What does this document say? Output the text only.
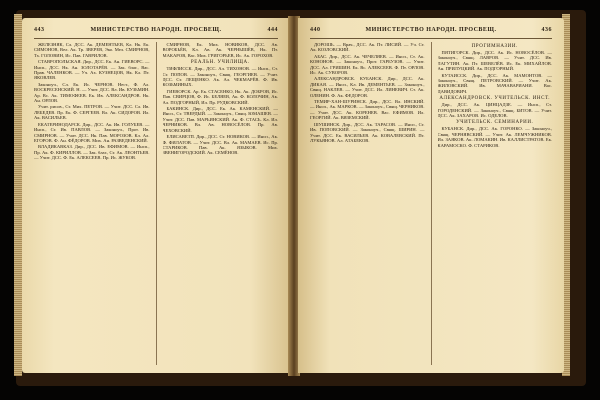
443	МИНИСТЕРСТВО НАРОДН. ПРОСВЕЩ.	444

ЖЕЛЕЗНЯК, Сл. ДСС. Ак. ДЕМЕНТЬЕВ, Кл. Нк. Ек. СИМОНОВ, Вел. Ак. Тр. ЗВЕРЕВ, Эко. Мел. СМИРНОВ, Тх. ГОЛОВИН, Ис. Пав. ГАВРИЛОВ.

СТАВРОПОЛЬСКАЯ. Дир., ДСС. Ек. Ан. ГИЕВОРС. — Инсп., ДСС. Нк. Ан. ЗОЛОТАРЁВ. — Зак. благ., Вас. Прав. ЧАЛЕНКОВ. — Уч. Ах. КУЗНЕЦОВ, Нк. Кл. Пт. ЯКОВЛЕВ.

Законоуч., Сл. Ек. Ис. ЧЕРНОВ. Нест., Ф. Ал. ВОСКРЕСЕНСКИЙ. Н. — Учит. ДСС. Вл. Ив. КУЗЬМИН. Ар. Вс. Ак. ТИМОФЕЕВ. Ек. Ив. АЛЕКСАНДРОВ. Нк. Ан. ОРЛОВ.

Учит. рисов., Ст. Мих. ПЕТРОВ. — Учит. ДСС. Сл. Ив. ЛЕБЕДЕВ. Пр. Ек. Ф. СЕРГЕЕВ. Вл. Ак. СИДОРОВ. Ил. Ак. ВАСИЛЬЕВ.

ЕКАТЕРИНОДАРСК. Дир., ДСС. Ак. Ив. ГОЛУБЕВ. — Инсп., Ст. Ив. ПАВЛОВ. — Законоуч., Прот. Ив. СМИРНОВ. — Учит. ДСС. Нк. Пав. МОРОЗОВ. Кл. Ал. ЕГОРОВ. Ф. Ан. ФЁДОРОВ. Мих. Ан. РАЗВЕДЕНСКИЙ.

ВЛАДИКАВКАЗ. Дир., ДСС. Ив. ЕФИМОВ. — Инсп., Пр. Ак. Ф. КИРИЛЛОВ. — Зак. благ., Ст. Ак. ЛЕОНТЬЕВ. — Учит. ДСС. Ф. Ек. АЛЕКСЕЕВ. Пр. Ис. ЖУКОВ.

СМИРНОВ, Ек. Мих. НОВИКОВ, ДСС. Ав. ВОРОБЬЁВ, Кл. Ав. Ак. ЧЕРНЫШЁВ, Нк. Пт. МАКАРОВ, Вас. Мих. ГРИГОРЬЕВ, Ис. Ак. ГОРОХОВ.

РЕАЛЬН. УЧИЛИЩА.

ТИФЛИССК. Дир., ДСС. Ал. ТИХОНОВ. — Инсп., Ст. Ст. ПОПОВ. — Законоуч., Свящ. ГЕОРГИЕВ. — Учит. ДСС. Ст. ЛЕЩЕНКО. Ак. Ал. ЧЕКМАРЁВ. Ф. Ив. КОЗЬМИНЫХ.

ГИЕВОРСК. Ар. Ек. СТАСЕНКО, Нк. Ак. ДОБРОВ, Ис. Пав. СВИРЦОВ, Ф. Ис. БЕЛЯЕВ, Ак. Ф. КОЛОЧИН, Ак. Ал. ПОДГОРНЫЙ, Ил. Пр. РУДКОВСКИЙ.

БАКИНСК. Дир., ДСС. Ек. Ак. КАМЕНСКИЙ. — Инсп., Ст. ТВЕРДЫЙ. — Законоуч., Свящ. ЮМАШЕВ. — Учит. ДСС. Пав. МАРЬИНСКИЙ. Ак. Ф. СТАСЬ. Кл. Ил. ЧЕРНИКОВ. Вл. Ав. НОВОСЁЛОВ. Пр. Ав. ЧЕХОВСКИЙ.

ЕЛИСАВЕТП. Дир., ДСС. Ст. НОВИКОВ. — Инсп., Ак. Ф. ФИЛАТОВ. — Учит. ДСС. Вл. Ак. МАМАЕВ. Ис. Пр. СТАРИКОВ. Пав. Ак. ЯЗЫКОВ. Мих. ЗВЕНИГОРОДСКИЙ. Ак. СЕМЁНОВ.

440	МИНИСТЕРСТВО НАРОДН. ПРОСВЕЩ.	436

ДОРОШЬ. — Врач., ДСС. Ак. Пт. ЛИСИЙ. — Уч. Ст. Ак. КОЗЛОВСКИЙ.

АБАС. Дир., ДСС. Ак. ЧЕЧЕЛЯЕВ. — Инсп., Ст. Ак. КОНОНОВ. — Законоуч., Прот. ГАРБУЗОВ. — Учит. ДСС. Ал. ГРИШИН. Ек. Вс. АЛЕКСЕЕВ. Ф. Пт. ОРЛОВ. Ис. Ак. СУВОРОВ.

АЛЕКСАНДРОВСК. КУБАНСК. Дир., ДСС. Ак. ДИКАЯ. — Инсп., Кл. Ив. ДЕМЕНТЬЕВ. — Законоуч., Свящ. НАКЛЕВ. — Учит. ДСС. Ил. ЛИНЕВИЧ. Ст. Ак. ОЛЕНИН. Ф. Ак. ФЕДОРОВ.

ТЕМИР-ХАН-ШУРИНСК. Дир., ДСС. Вл. ИНСКИЙ. — Инсп., Ак. МАРКОВ. — Законоуч., Свящ. ЧЕРНИКОВ. — Учит. ДСС. Ак. КОРЕНЕВ. Вас. ЕФИМОВ. Ил. ГЕОРГИЙ. Ак. ВЯЗЕМСКИЙ.

ШУШИНСК. Дир., ДСС. Ак. ТАРАСОВ. — Инсп., Ст. Ив. ПОПОВСКИЙ. — Законоуч., Свящ. ШИРИН. — Учит. ДСС. Ек. ВАСИЛЬЕВ. Ак. КОВАЛЕВСКИЙ. Пт. ЛУКЬЯНОВ. Ал. АТАБЕКОВ.

ПРОГИМНАЗИИ.

ПЯТИГОРСК. Дир., ДСС. Ак. Ис. НОВОСЁЛОВ. — Законоуч., Свящ. ЛАВРОВ. — Учит. ДСС. Ив. ЛАГУТИН. Ак. Пт. ШЕВЕЛЁВ. Ис. Ек. МИХАЙЛОВ. Ан. ПРИЛУЦКИЙ. Ак. ПОДГОРНЫЙ.

КУТАИССК. Дир., ДСС. Ак. МАМОНТОВ. — Законоуч., Свящ. ПЕТРОВСКИЙ. — Учит. Ак. ЖИЛОВСКИЙ. Ив. МАЧАВАРИАНИ. Вас. ДАВИДОВИЧ.

АЛЕКСАНДРОВСК. УЧИТЕЛЬСК. ИНСТ.

Дир., ДСС. Ак. ЦИНЦАДЗЕ. — Инсп., Ст. ГОРОДЕНСКИЙ. — Законоуч., Свящ. БИТОВ. — Учит. ДСС. Ак. ЗАХАРОВ. Ис. ОДЕЛОВ.

УЧИТЕЛЬСК. СЕМИНАРИИ.

КУБАНСК. Дир., ДСС. Ак. ГОРОНКО. — Законоуч., Свящ. ЧЕРНЯВСКИЙ. — Учит. Ак. ЛЕМЧУЖНИКОВ. Ил. ЗАЯКОВ. Ак. ЛОМАКИН. Ив. КАЛЛИСТРАТОВ. Ек. КАРАМОСКО. Ф. СТАРИКОВ.
